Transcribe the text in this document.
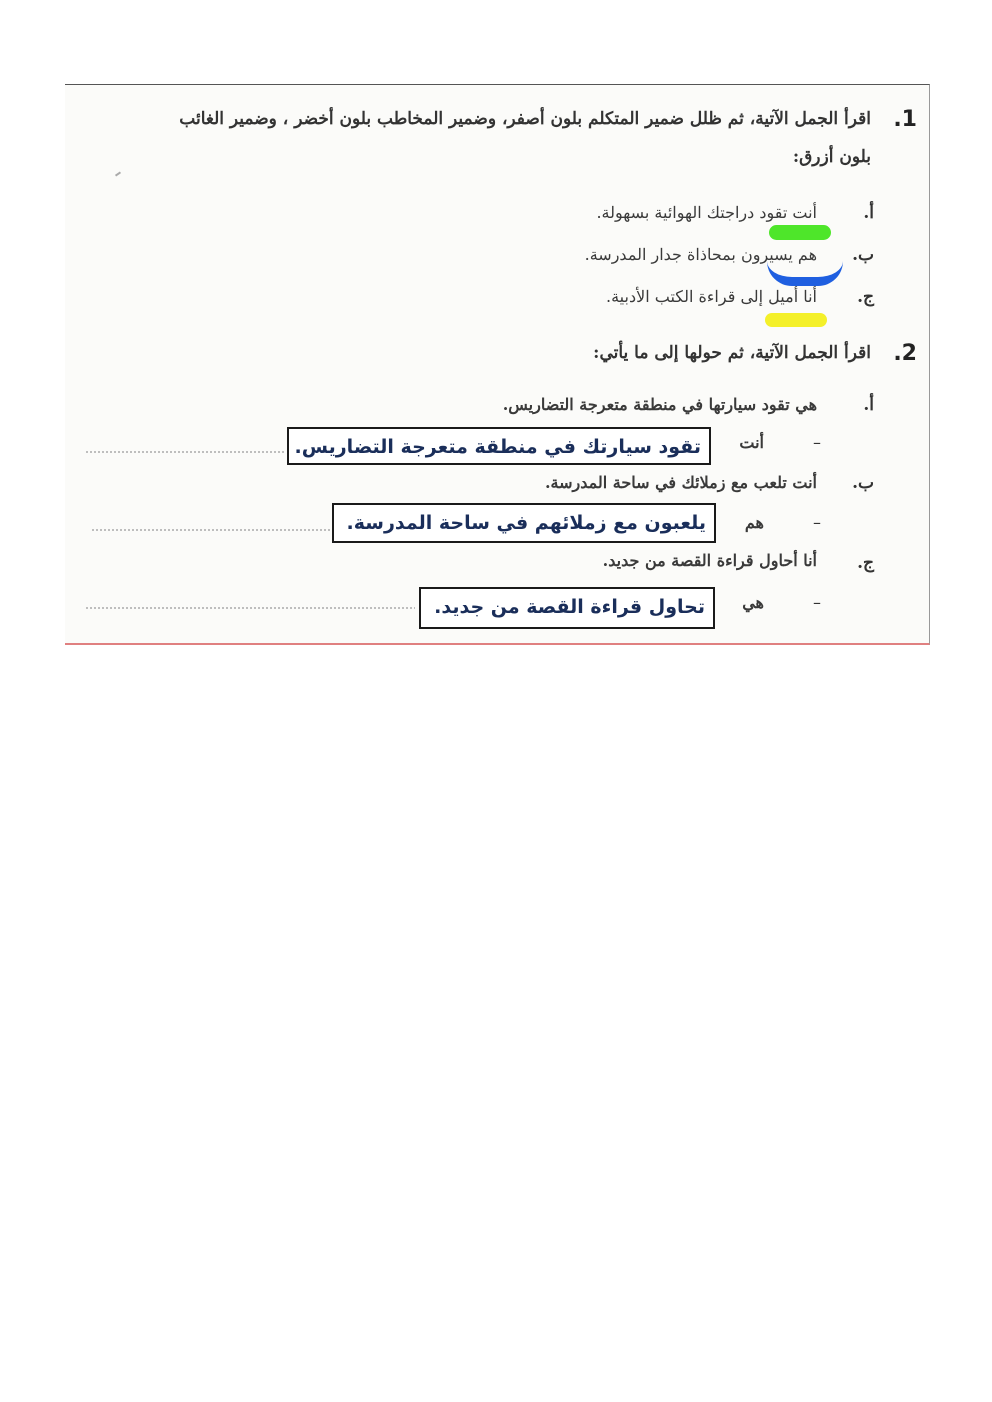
.1
اقرأ الجمل الآتية، ثم ظلل ضمير المتكلم بلون أصفر، وضمير المخاطب بلون أخضر ، وضمير الغائب
بلون أزرق:
أ.
أنت تقود دراجتك الهوائية بسهولة.
ب.
هم يسيرون بمحاذاة جدار المدرسة.
ج.
أنا أميل إلى قراءة الكتب الأدبية.
.2
اقرأ الجمل الآتية، ثم حولها إلى ما يأتي:
أ.
هي تقود سيارتها في منطقة متعرجة التضاريس.
–
أنت
تقود سيارتك في منطقة متعرجة التضاريس.
ب.
أنت تلعب مع زملائك في ساحة المدرسة.
–
هم
يلعبون مع زملائهم في ساحة المدرسة.
ج.
أنا أحاول قراءة القصة من جديد.
–
هي
تحاول قراءة القصة من جديد.
